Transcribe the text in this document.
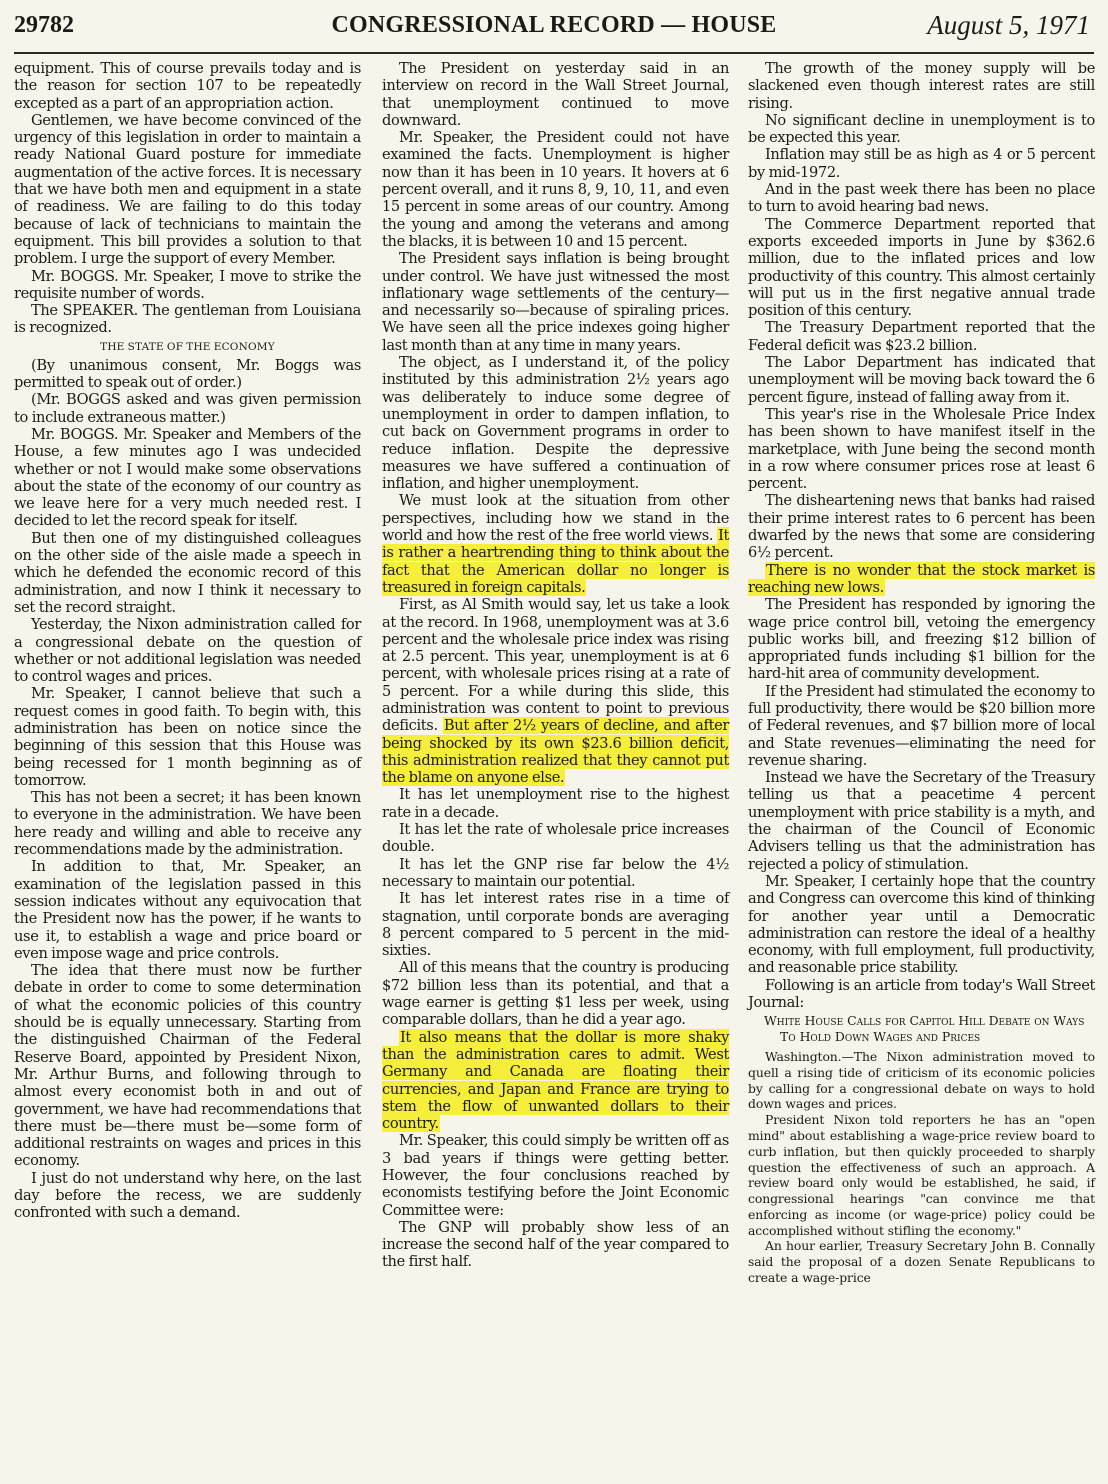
29782	CONGRESSIONAL RECORD — HOUSE	August 5, 1971

equipment. This of course prevails today and is the reason for section 107 to be repeatedly excepted as a part of an appropriation action.

Gentlemen, we have become convinced of the urgency of this legislation in order to maintain a ready National Guard posture for immediate augmentation of the active forces. It is necessary that we have both men and equipment in a state of readiness. We are failing to do this today because of lack of technicians to maintain the equipment. This bill provides a solution to that problem. I urge the support of every Member.

Mr. BOGGS. Mr. Speaker, I move to strike the requisite number of words.

The SPEAKER. The gentleman from Louisiana is recognized.

THE STATE OF THE ECONOMY

(By unanimous consent, Mr. Boggs was permitted to speak out of order.)

(Mr. BOGGS asked and was given permission to include extraneous matter.)

Mr. BOGGS. Mr. Speaker and Members of the House, a few minutes ago I was undecided whether or not I would make some observations about the state of the economy of our country as we leave here for a very much needed rest. I decided to let the record speak for itself.

But then one of my distinguished colleagues on the other side of the aisle made a speech in which he defended the economic record of this administration, and now I think it necessary to set the record straight.

Yesterday, the Nixon administration called for a congressional debate on the question of whether or not additional legislation was needed to control wages and prices.

Mr. Speaker, I cannot believe that such a request comes in good faith. To begin with, this administration has been on notice since the beginning of this session that this House was being recessed for 1 month beginning as of tomorrow.

This has not been a secret; it has been known to everyone in the administration. We have been here ready and willing and able to receive any recommendations made by the administration.

In addition to that, Mr. Speaker, an examination of the legislation passed in this session indicates without any equivocation that the President now has the power, if he wants to use it, to establish a wage and price board or even impose wage and price controls.

The idea that there must now be further debate in order to come to some determination of what the economic policies of this country should be is equally unnecessary. Starting from the distinguished Chairman of the Federal Reserve Board, appointed by President Nixon, Mr. Arthur Burns, and following through to almost every economist both in and out of government, we have had recommendations that there must be—there must be—some form of additional restraints on wages and prices in this economy.

I just do not understand why here, on the last day before the recess, we are suddenly confronted with such a demand.

The President on yesterday said in an interview on record in the Wall Street Journal, that unemployment continued to move downward.

Mr. Speaker, the President could not have examined the facts. Unemployment is higher now than it has been in 10 years. It hovers at 6 percent overall, and it runs 8, 9, 10, 11, and even 15 percent in some areas of our country. Among the young and among the veterans and among the blacks, it is between 10 and 15 percent.

The President says inflation is being brought under control. We have just witnessed the most inflationary wage settlements of the century—and necessarily so—because of spiraling prices. We have seen all the price indexes going higher last month than at any time in many years.

The object, as I understand it, of the policy instituted by this administration 2½ years ago was deliberately to induce some degree of unemployment in order to dampen inflation, to cut back on Government programs in order to reduce inflation. Despite the depressive measures we have suffered a continuation of inflation, and higher unemployment.

We must look at the situation from other perspectives, including how we stand in the world and how the rest of the free world views. It is rather a heartrending thing to think about the fact that the American dollar no longer is treasured in foreign capitals.

First, as Al Smith would say, let us take a look at the record. In 1968, unemployment was at 3.6 percent and the wholesale price index was rising at 2.5 percent. This year, unemployment is at 6 percent, with wholesale prices rising at a rate of 5 percent. For a while during this slide, this administration was content to point to previous deficits. But after 2½ years of decline, and after being shocked by its own $23.6 billion deficit, this administration realized that they cannot put the blame on anyone else.

It has let unemployment rise to the highest rate in a decade.

It has let the rate of wholesale price increases double.

It has let the GNP rise far below the 4½ necessary to maintain our potential.

It has let interest rates rise in a time of stagnation, until corporate bonds are averaging 8 percent compared to 5 percent in the mid-sixties.

All of this means that the country is producing $72 billion less than its potential, and that a wage earner is getting $1 less per week, using comparable dollars, than he did a year ago.

It also means that the dollar is more shaky than the administration cares to admit. West Germany and Canada are floating their currencies, and Japan and France are trying to stem the flow of unwanted dollars to their country.

Mr. Speaker, this could simply be written off as 3 bad years if things were getting better. However, the four conclusions reached by economists testifying before the Joint Economic Committee were:

The GNP will probably show less of an increase the second half of the year compared to the first half.

The growth of the money supply will be slackened even though interest rates are still rising.

No significant decline in unemployment is to be expected this year.

Inflation may still be as high as 4 or 5 percent by mid-1972.

And in the past week there has been no place to turn to avoid hearing bad news.

The Commerce Department reported that exports exceeded imports in June by $362.6 million, due to the inflated prices and low productivity of this country. This almost certainly will put us in the first negative annual trade position of this century.

The Treasury Department reported that the Federal deficit was $23.2 billion.

The Labor Department has indicated that unemployment will be moving back toward the 6 percent figure, instead of falling away from it.

This year's rise in the Wholesale Price Index has been shown to have manifest itself in the marketplace, with June being the second month in a row where consumer prices rose at least 6 percent.

The disheartening news that banks had raised their prime interest rates to 6 percent has been dwarfed by the news that some are considering 6½ percent.

There is no wonder that the stock market is reaching new lows.

The President has responded by ignoring the wage price control bill, vetoing the emergency public works bill, and freezing $12 billion of appropriated funds including $1 billion for the hard-hit area of community development.

If the President had stimulated the economy to full productivity, there would be $20 billion more of Federal revenues, and $7 billion more of local and State revenues—eliminating the need for revenue sharing.

Instead we have the Secretary of the Treasury telling us that a peacetime 4 percent unemployment with price stability is a myth, and the chairman of the Council of Economic Advisers telling us that the administration has rejected a policy of stimulation.

Mr. Speaker, I certainly hope that the country and Congress can overcome this kind of thinking for another year until a Democratic administration can restore the ideal of a healthy economy, with full employment, full productivity, and reasonable price stability.

Following is an article from today's Wall Street Journal:

White House Calls for Capitol Hill Debate on Ways To Hold Down Wages and Prices

Washington.—The Nixon administration moved to quell a rising tide of criticism of its economic policies by calling for a congressional debate on ways to hold down wages and prices.

President Nixon told reporters he has an "open mind" about establishing a wage-price review board to curb inflation, but then quickly proceeded to sharply question the effectiveness of such an approach. A review board only would be established, he said, if congressional hearings "can convince me that enforcing as income (or wage-price) policy could be accomplished without stifling the economy."

An hour earlier, Treasury Secretary John B. Connally said the proposal of a dozen Senate Republicans to create a wage-price
